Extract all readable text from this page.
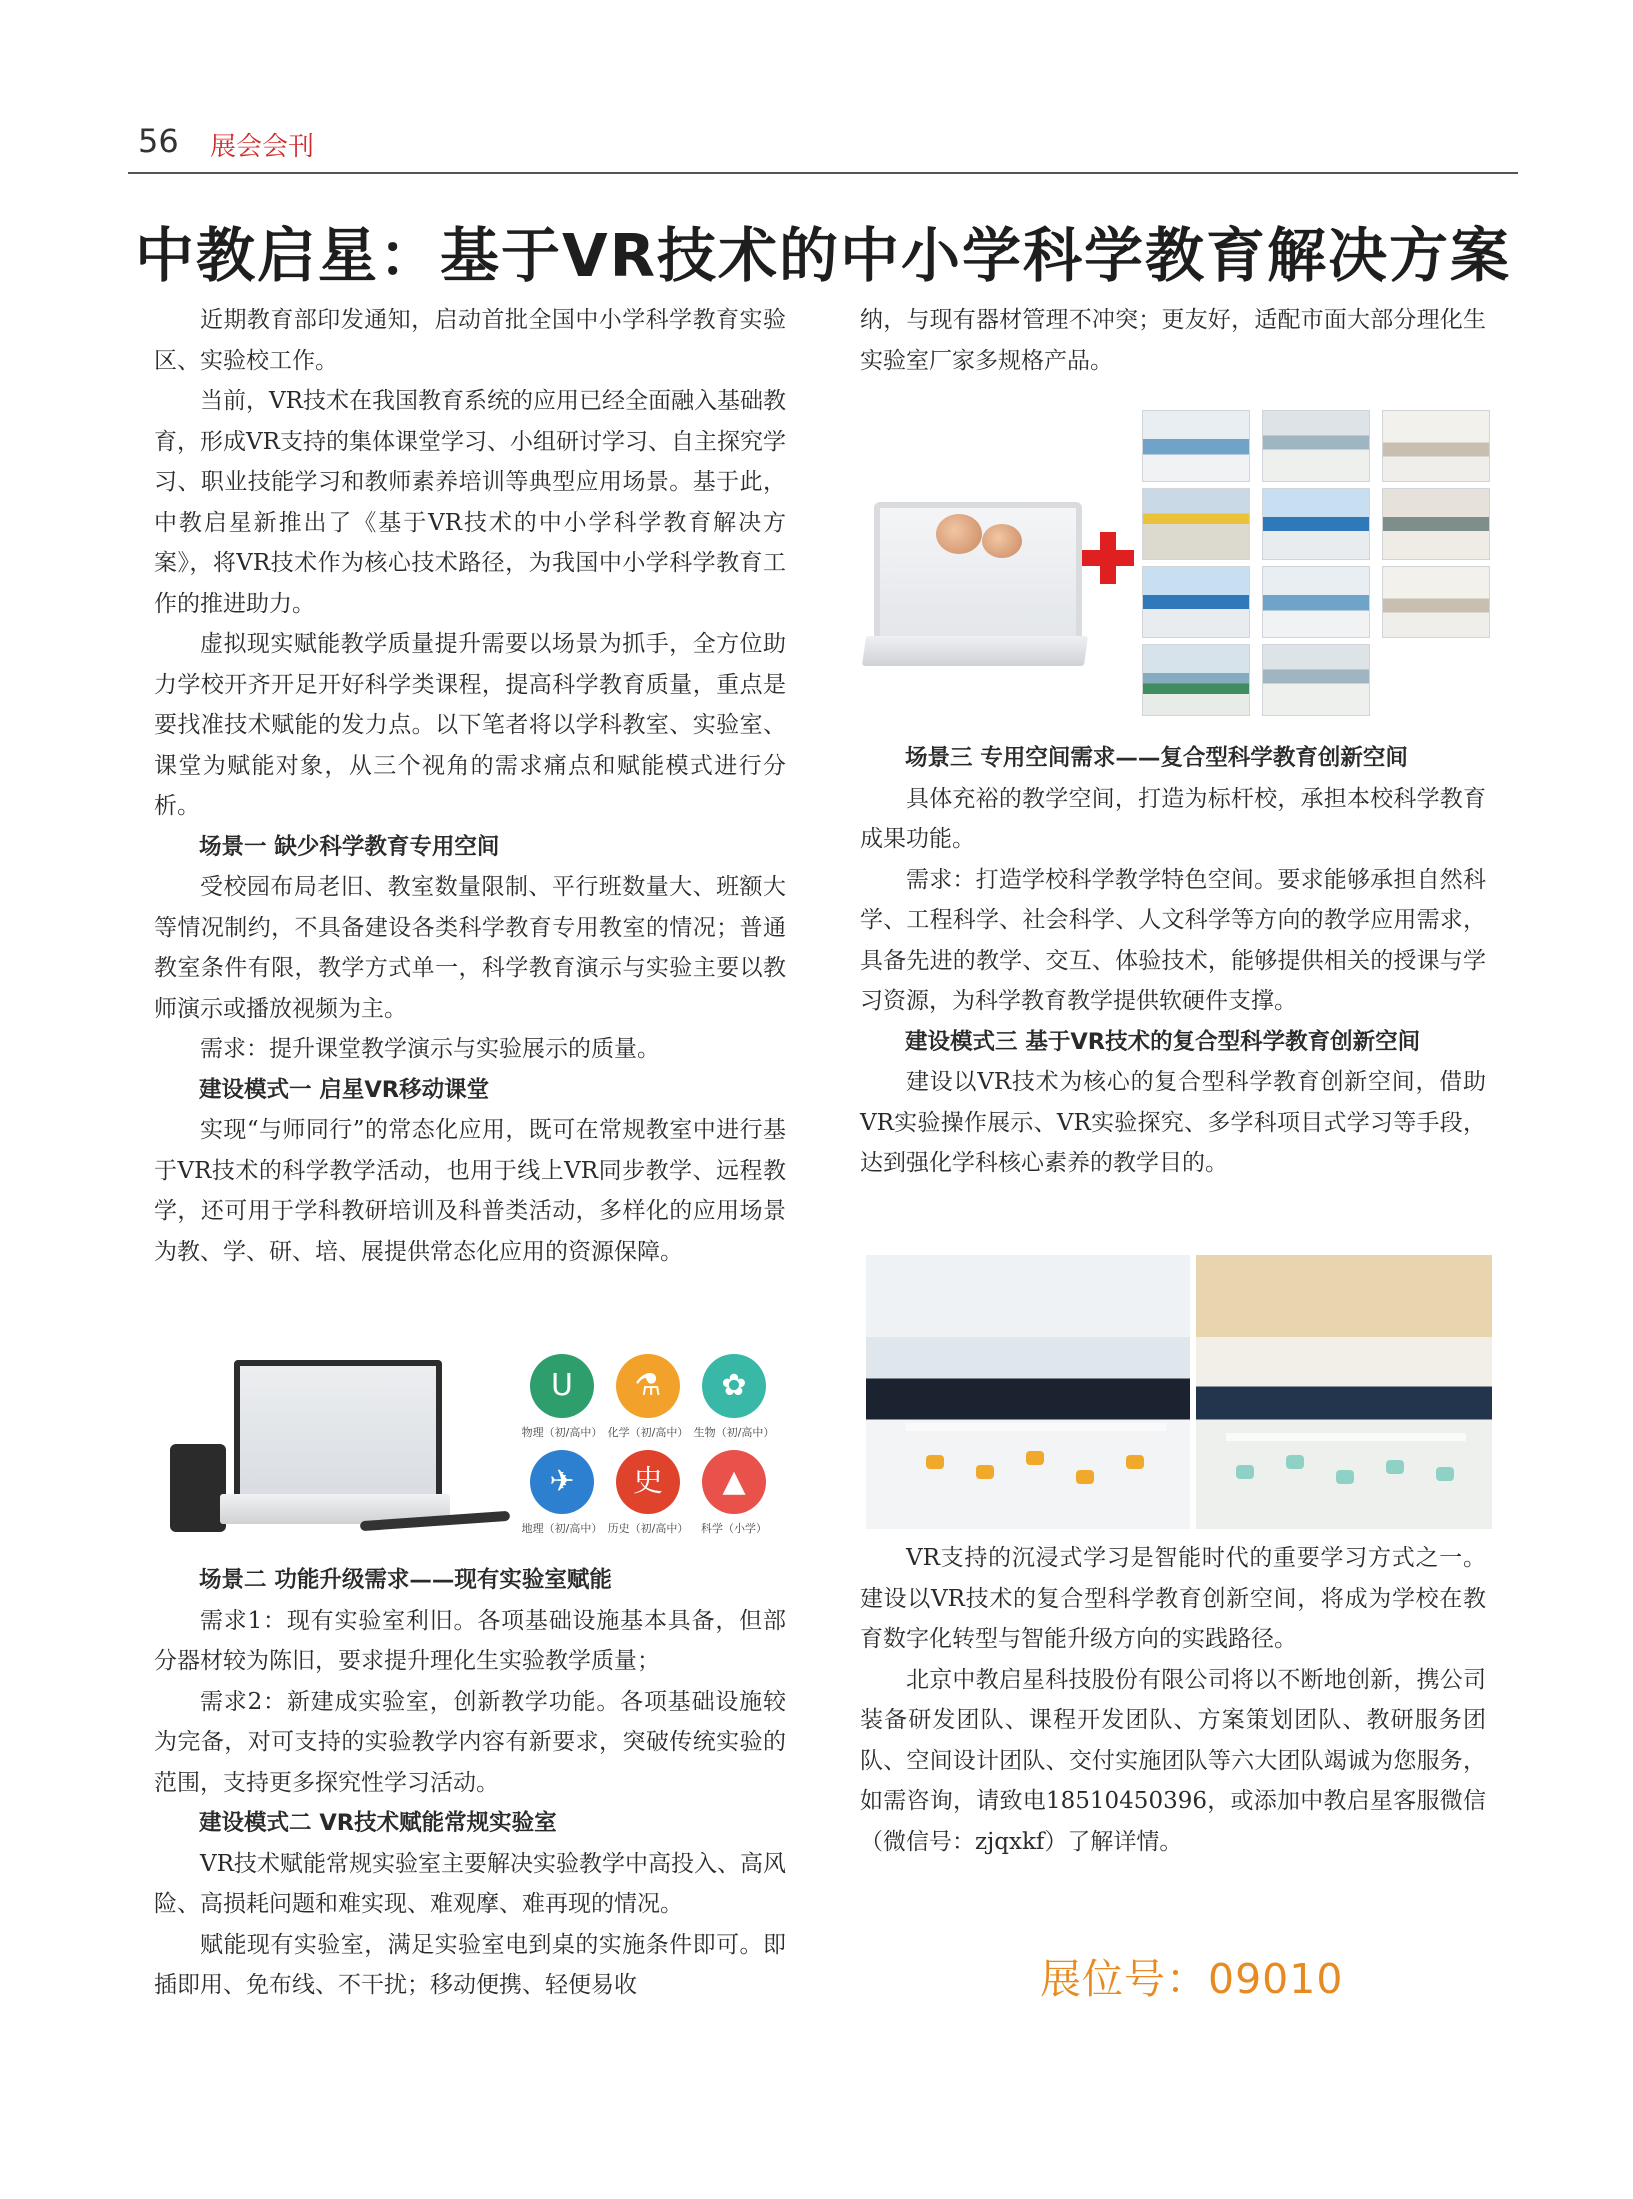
56 展会会刊
中教启星：基于VR技术的中小学科学教育解决方案

近期教育部印发通知，启动首批全国中小学科学教育实验区、实验校工作。

当前，VR技术在我国教育系统的应用已经全面融入基础教育，形成VR支持的集体课堂学习、小组研讨学习、自主探究学习、职业技能学习和教师素养培训等典型应用场景。基于此，中教启星新推出了《基于VR技术的中小学科学教育解决方案》，将VR技术作为核心技术路径，为我国中小学科学教育工作的推进助力。

虚拟现实赋能教学质量提升需要以场景为抓手，全方位助力学校开齐开足开好科学类课程，提高科学教育质量，重点是要找准技术赋能的发力点。以下笔者将以学科教室、实验室、课堂为赋能对象，从三个视角的需求痛点和赋能模式进行分析。

场景一 缺少科学教育专用空间

受校园布局老旧、教室数量限制、平行班数量大、班额大等情况制约，不具备建设各类科学教育专用教室的情况；普通教室条件有限，教学方式单一，科学教育演示与实验主要以教师演示或播放视频为主。

需求：提升课堂教学演示与实验展示的质量。

建设模式一 启星VR移动课堂

实现“与师同行”的常态化应用，既可在常规教室中进行基于VR技术的科学教学活动，也用于线上VR同步教学、远程教学，还可用于学科教研培训及科普类活动，多样化的应用场景为教、学、研、培、展提供常态化应用的资源保障。

U
物理（初/高中）
⚗
化学（初/高中）
✿
生物（初/高中）
✈
地理（初/高中）
史
历史（初/高中）
▲
科学（小学）

场景二 功能升级需求——现有实验室赋能

需求1：现有实验室利旧。各项基础设施基本具备，但部分器材较为陈旧，要求提升理化生实验教学质量；

需求2：新建成实验室，创新教学功能。各项基础设施较为完备，对可支持的实验教学内容有新要求，突破传统实验的范围，支持更多探究性学习活动。

建设模式二 VR技术赋能常规实验室

VR技术赋能常规实验室主要解决实验教学中高投入、高风险、高损耗问题和难实现、难观摩、难再现的情况。

赋能现有实验室，满足实验室电到桌的实施条件即可。即插即用、免布线、不干扰；移动便携、轻便易收

纳，与现有器材管理不冲突；更友好，适配市面大部分理化生实验室厂家多规格产品。

场景三 专用空间需求——复合型科学教育创新空间

具体充裕的教学空间，打造为标杆校，承担本校科学教育成果功能。

需求：打造学校科学教学特色空间。要求能够承担自然科学、工程科学、社会科学、人文科学等方向的教学应用需求，具备先进的教学、交互、体验技术，能够提供相关的授课与学习资源，为科学教育教学提供软硬件支撑。

建设模式三 基于VR技术的复合型科学教育创新空间

建设以VR技术为核心的复合型科学教育创新空间，借助VR实验操作展示、VR实验探究、多学科项目式学习等手段，达到强化学科核心素养的教学目的。

VR支持的沉浸式学习是智能时代的重要学习方式之一。建设以VR技术的复合型科学教育创新空间，将成为学校在教育数字化转型与智能升级方向的实践路径。

北京中教启星科技股份有限公司将以不断地创新，携公司装备研发团队、课程开发团队、方案策划团队、教研服务团队、空间设计团队、交付实施团队等六大团队竭诚为您服务，如需咨询，请致电18510450396，或添加中教启星客服微信（微信号：zjqxkf）了解详情。

展位号：09010
